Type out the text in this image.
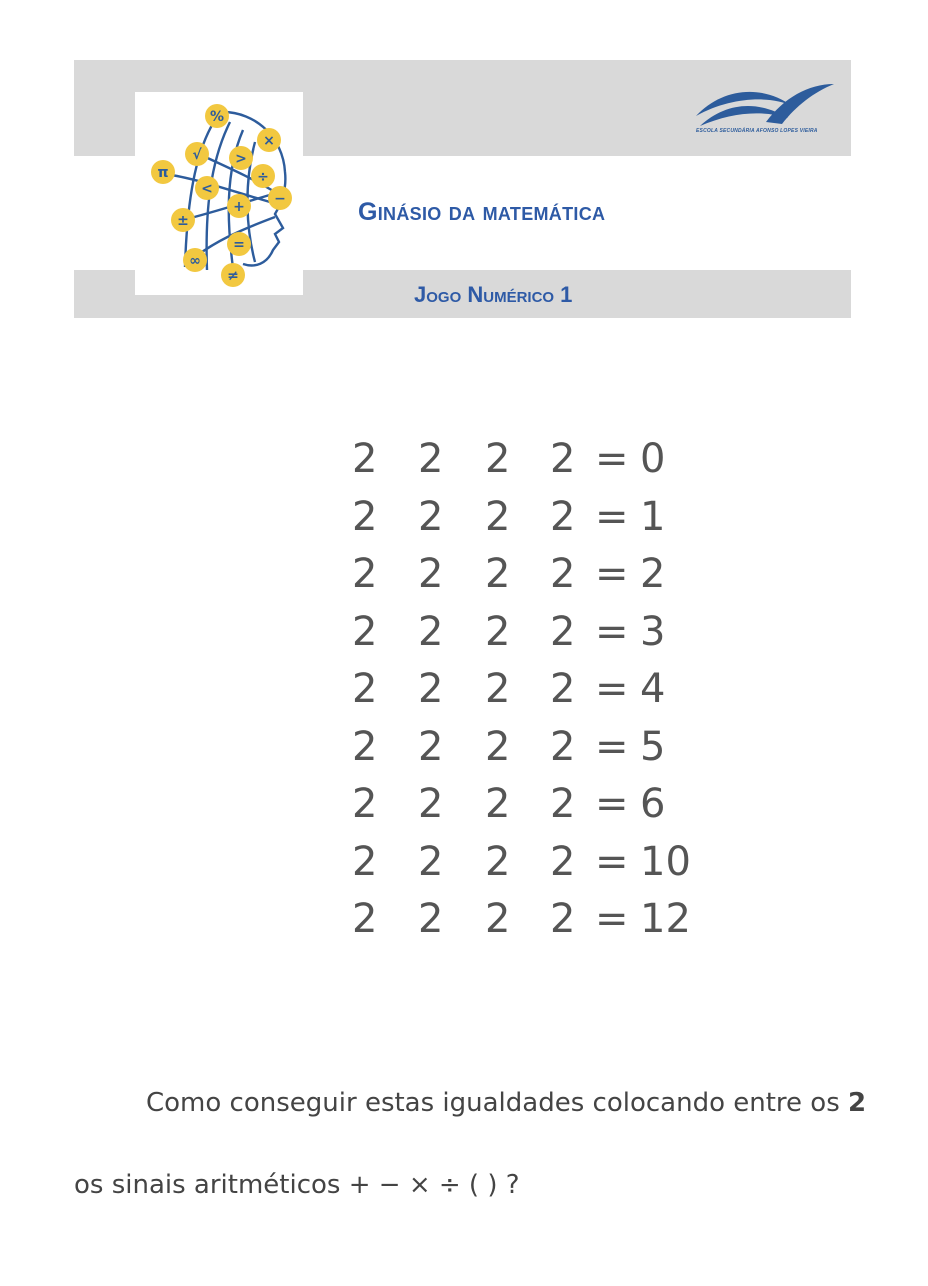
%
×
√ >
÷
π
<
−
+
±
=
∞
≠
ESCOLA SECUNDÁRIA AFONSO LOPES VIEIRA
Ginásio da matemática
Jogo Numérico 1
2 2 2 2 = 0
2 2 2 2 = 1
2 2 2 2 = 2
2 2 2 2 = 3
2 2 2 2 = 4
2 2 2 2 = 5
2 2 2 2 = 6
2 2 2 2 = 10
2 2 2 2 = 12
Como conseguir estas igualdades colocando entre os 2
os sinais aritméticos + − × ÷ ( ) ?
